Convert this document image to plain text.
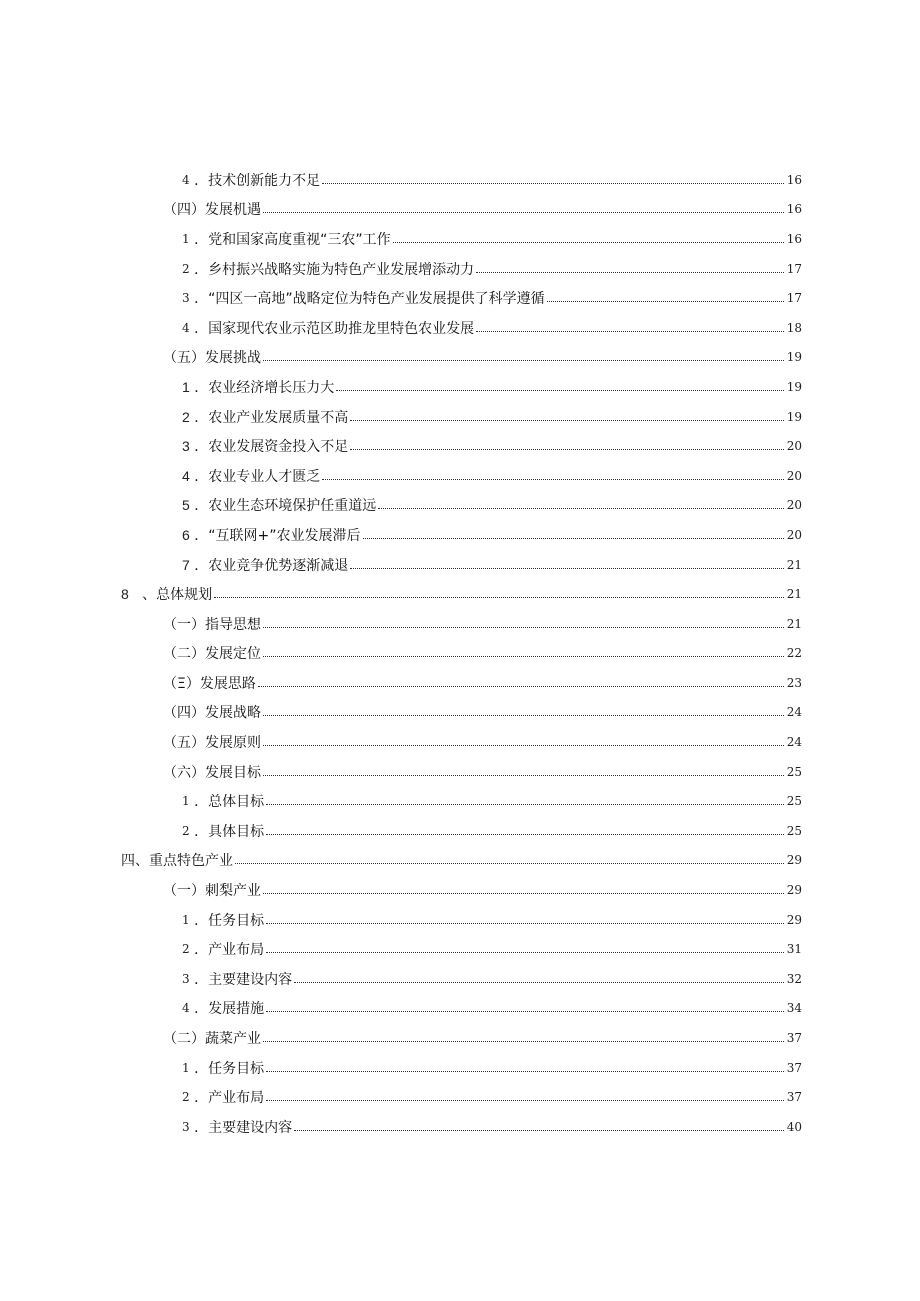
4 ． 技术创新能力不足	16
（四）发展机遇	16
1 ． 党和国家高度重视“三农”工作	16
2 ． 乡村振兴战略实施为特色产业发展增添动力	17
3 ． “四区一高地”战略定位为特色产业发展提供了科学遵循	17
4 ． 国家现代农业示范区助推龙里特色农业发展	18
（五）发展挑战	19
1 ． 农业经济增长压力大	19
2 ． 农业产业发展质量不高	19
3 ． 农业发展资金投入不足	20
4 ． 农业专业人才匮乏	20
5 ． 农业生态环境保护任重道远	20
6 ． “互联网+”农业发展滞后	20
7 ． 农业竞争优势逐渐减退	21
8 、 总体规划	21
（一）指导思想	21
（二）发展定位	22
（Ξ）发展思路	23
（四）发展战略	24
（五）发展原则	24
（六）发展目标	25
1 ． 总体目标	25
2 ． 具体目标	25
四、重点特色产业	29
（一）刺梨产业	29
1 ． 任务目标	29
2 ． 产业布局	31
3 ． 主要建设内容	32
4 ． 发展措施	34
（二）蔬菜产业	37
1 ． 任务目标	37
2 ． 产业布局	37
3 ． 主要建设内容	40
